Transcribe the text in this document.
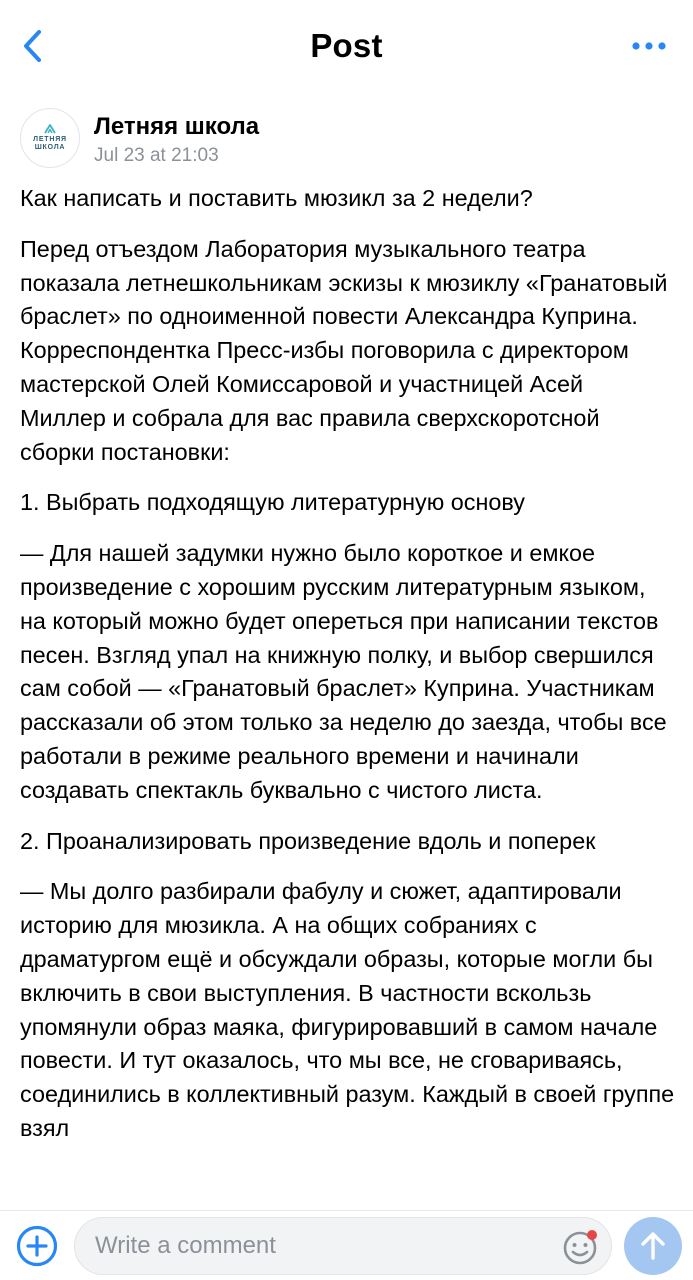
Post
ЛЕТНЯЯ
ШКОЛА
Летняя школа
Jul 23 at 21:03

Как написать и поставить мюзикл за 2 недели?

Перед отъездом Лаборатория музыкального театра показала летнешкольникам эскизы к мюзиклу «Гранатовый браслет» по одноименной повести Александра Куприна. Корреспондентка Пресс-избы поговорила с директором мастерской Олей Комиссаровой и участницей Асей Миллер и собрала для вас правила сверхскоротсной сборки постановки:

1. Выбрать подходящую литературную основу

— Для нашей задумки нужно было короткое и емкое произведение с хорошим русским литературным языком, на который можно будет опереться при написании текстов песен. Взгляд упал на книжную полку, и выбор свершился сам собой — «Гранатовый браслет» Куприна. Участникам рассказали об этом только за неделю до заезда, чтобы все работали в режиме реального времени и начинали создавать спектакль буквально с чистого листа.

2. Проанализировать произведение вдоль и поперек

— Мы долго разбирали фабулу и сюжет, адаптировали историю для мюзикла. А на общих собраниях с драматургом ещё и обсуждали образы, которые могли бы включить в свои выступления. В частности вскользь упомянули образ маяка, фигурировавший в самом начале повести. И тут оказалось, что мы все, не сговариваясь, соединились в коллективный разум. Каждый в своей группе взял

Write a comment
